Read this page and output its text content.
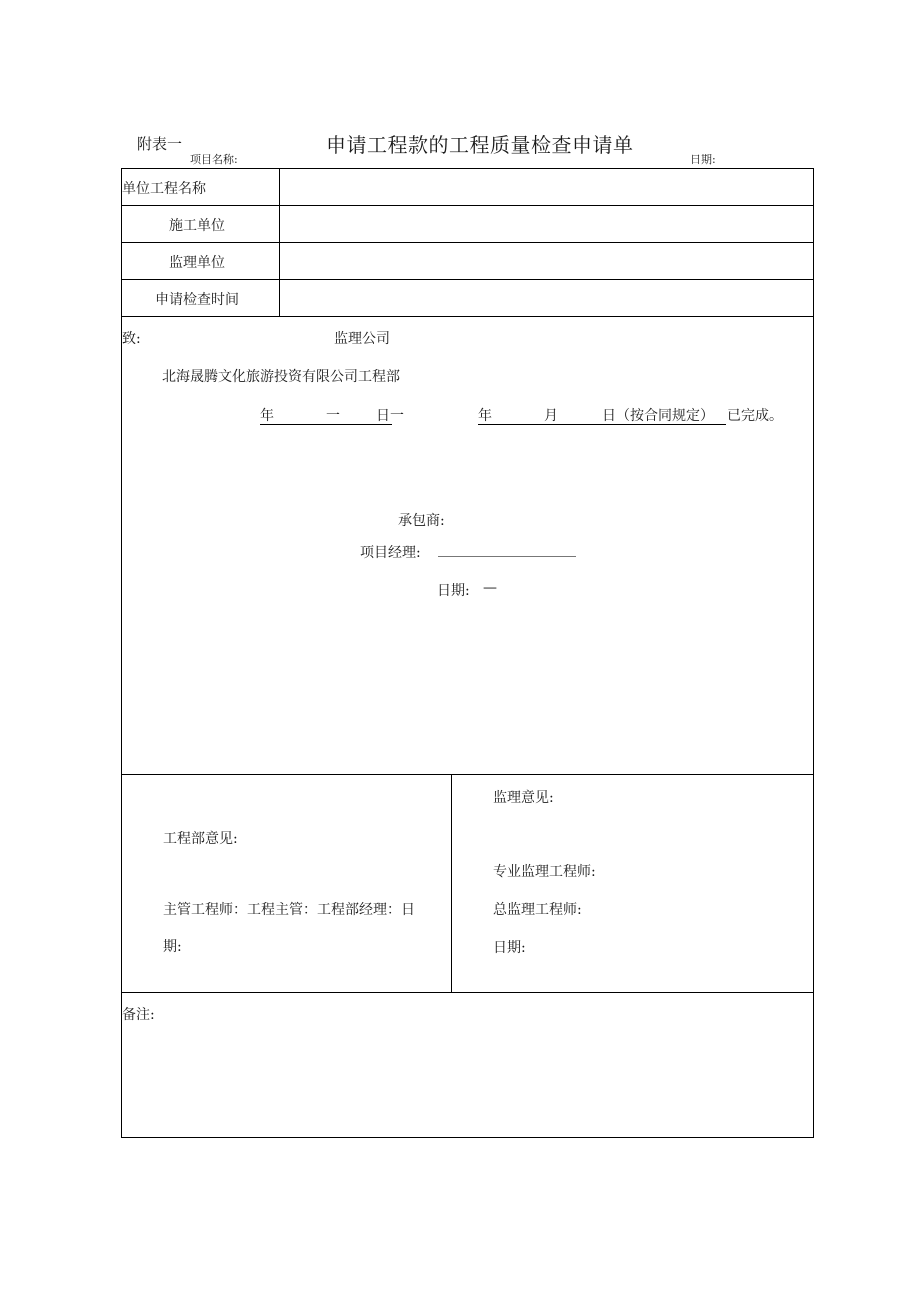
附表一	申请工程款的工程质量检查申请单
项目名称:	日期:
单位工程名称
施工单位
监理单位
申请检查时间
致:	监理公司
北海晟腾文化旅游投资有限公司工程部
年	一	日一	年	月	日（按合同规定） 已完成。
承包商:
项目经理:
日期: —
工程部意见:
主管工程师：工程主管：工程部经理：日
期:
监理意见:
专业监理工程师:
总监理工程师:
日期:
备注:
